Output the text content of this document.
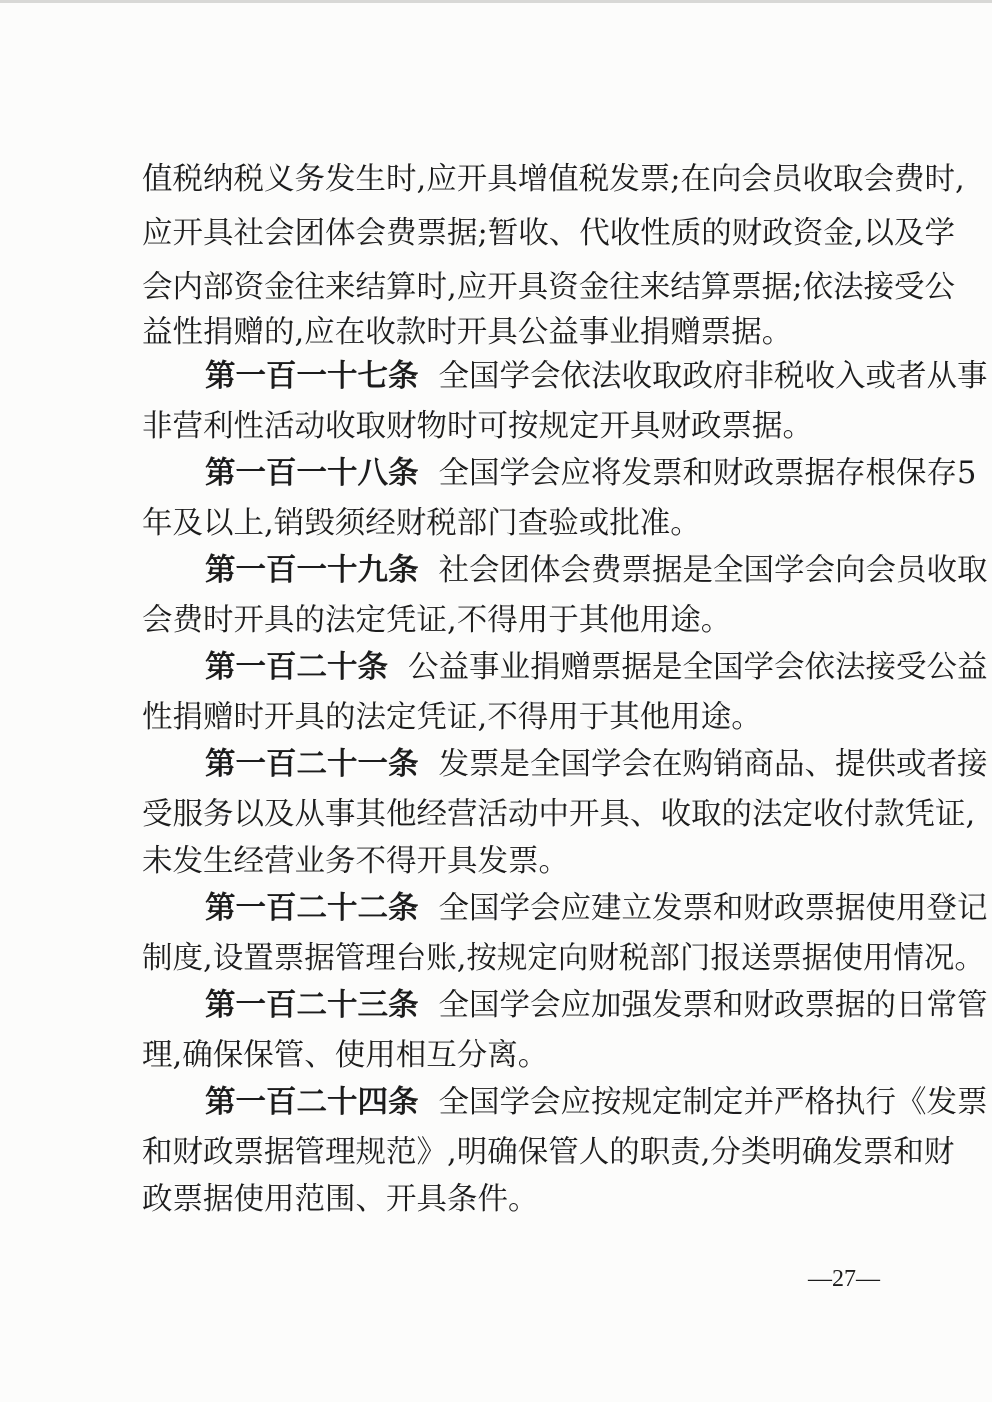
值 税 纳 税 义 务 发 生 时 , 应 开 具 增 值 税 发 票 ; 在 向 会 员 收 取 会 费 时 ,
应 开 具 社 会 团 体 会 费 票 据 ; 暂 收 、 代 收 性 质 的 财 政 资 金 , 以 及 学
会 内 部 资 金 往 来 结 算 时 , 应 开 具 资 金 往 来 结 算 票 据 ; 依 法 接 受 公
益性捐赠的,应在收款时开具公益事业捐赠票据。
第一百一十七条 全国学会依法收取政府非税收入或者从事
非营利性活动收取财物时可按规定开具财政票据。
第一百一十八条 全国学会应将发票和财政票据存根保存5
年及以上,销毁须经财税部门查验或批准。
第一百一十九条 社会团体会费票据是全国学会向会员收取
会费时开具的法定凭证,不得用于其他用途。
第一百二十条 公益事业捐赠票据是全国学会依法接受公益
性捐赠时开具的法定凭证,不得用于其他用途。
第一百二十一条 发票是全国学会在购销商品、提供或者接
受 服 务 以 及 从 事 其 他 经 营 活 动 中 开 具 、 收 取 的 法 定 收 付 款 凭 证 ,
未发生经营业务不得开具发票。
第一百二十二条 全国学会应建立发票和财政票据使用登记
制 度 , 设 置 票 据 管 理 台 账 , 按 规 定 向 财 税 部 门 报 送 票 据 使 用 情 况 。
第一百二十三条 全国学会应加强发票和财政票据的日常管
理,确保保管、使用相互分离。
第一百二十四条 全国学会应按规定制定并严格执行《发票
和 财 政 票 据 管 理 规 范 》 , 明 确 保 管 人 的 职 责 , 分 类 明 确 发 票 和 财
政票据使用范围、开具条件。
—27—
